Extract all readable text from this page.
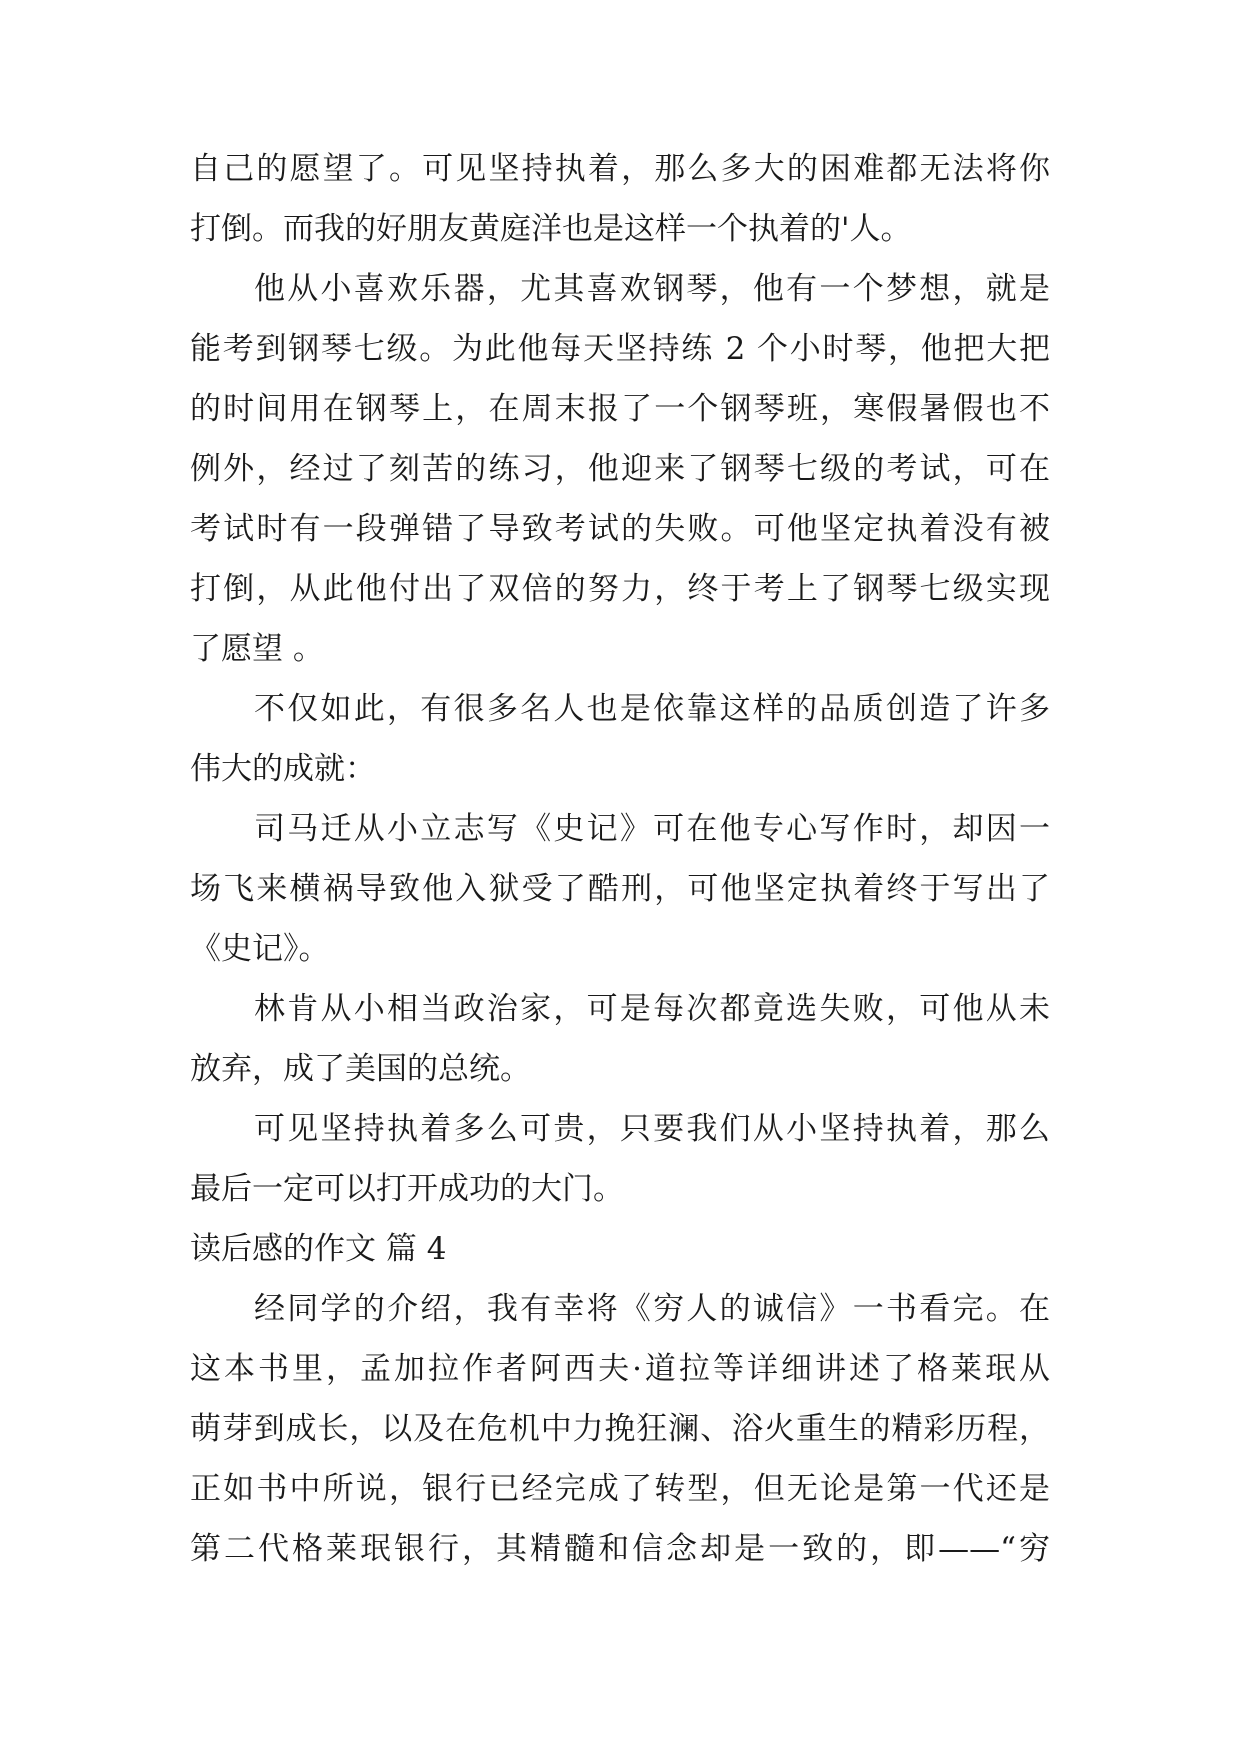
自己的愿望了。可见坚持执着，那么多大的困难都无法将你
打倒。而我的好朋友黄庭洋也是这样一个执着的'人。
他从小喜欢乐器，尤其喜欢钢琴，他有一个梦想，就是
能考到钢琴七级。为此他每天坚持练 2 个小时琴，他把大把
的时间用在钢琴上，在周末报了一个钢琴班，寒假暑假也不
例外，经过了刻苦的练习，他迎来了钢琴七级的考试，可在
考试时有一段弹错了导致考试的失败。可他坚定执着没有被
打倒，从此他付出了双倍的努力，终于考上了钢琴七级实现
了愿望 。
不仅如此，有很多名人也是依靠这样的品质创造了许多
伟大的成就：
司马迁从小立志写《史记》可在他专心写作时，却因一
场飞来横祸导致他入狱受了酷刑，可他坚定执着终于写出了
《史记》。
林肯从小相当政治家，可是每次都竟选失败，可他从未
放弃，成了美国的总统。
可见坚持执着多么可贵，只要我们从小坚持执着，那么
最后一定可以打开成功的大门。
读后感的作文 篇 4
经同学的介绍，我有幸将《穷人的诚信》一书看完。在
这本书里，孟加拉作者阿西夫·道拉等详细讲述了格莱珉从
萌芽到成长，以及在危机中力挽狂澜、浴火重生的精彩历程，
正如书中所说，银行已经完成了转型，但无论是第一代还是
第二代格莱珉银行，其精髓和信念却是一致的，即——“穷
